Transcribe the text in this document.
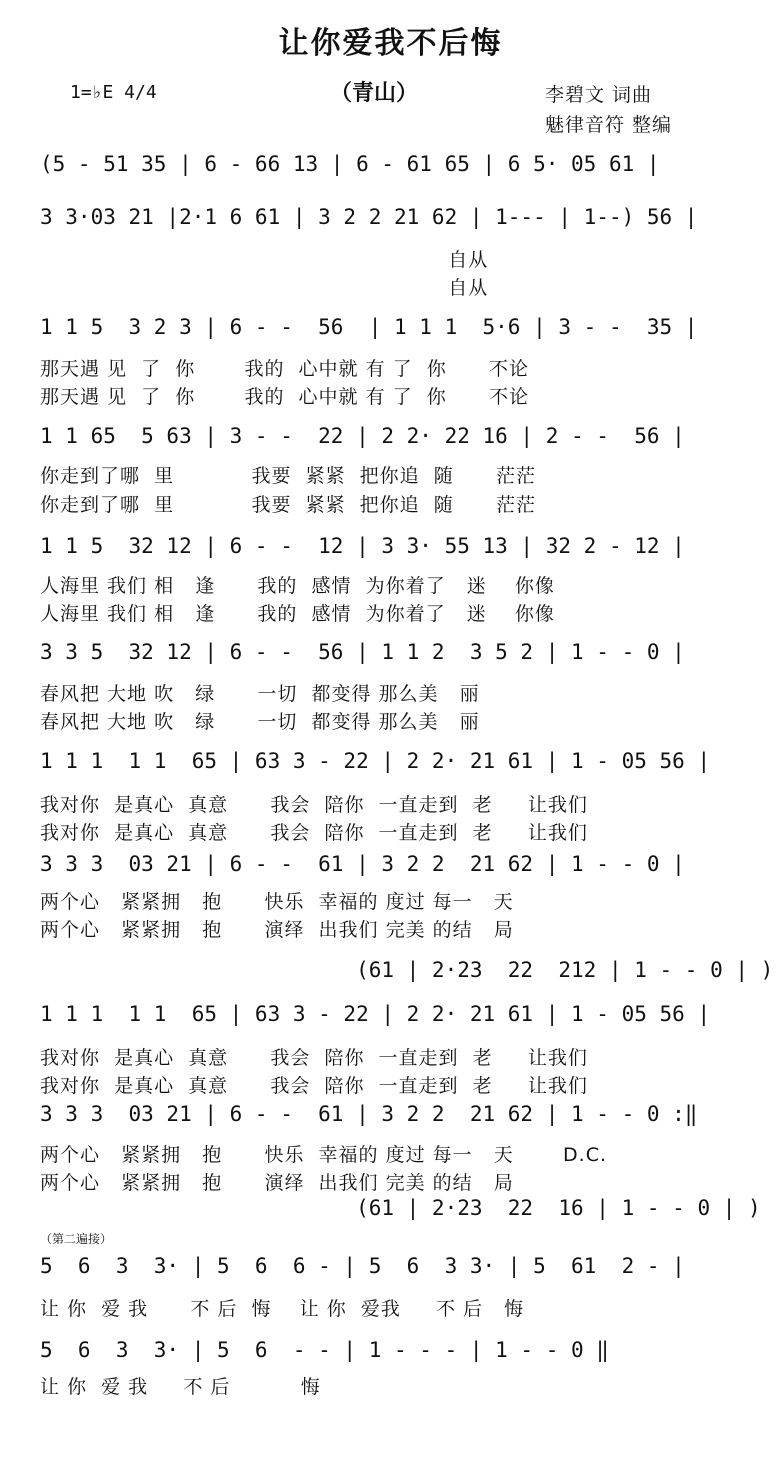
让你爱我不后悔
1=♭E 4/4	（青山）	李碧文 词曲
魅律音符 整编
(5 - 51 35 | 6 - 66 13 | 6 - 61 65 | 6 5· 05 61 |
3 3·03 21 |2·1 6 61 | 3 2 2 21 62 | 1--- | 1--) 56 |
自从
自从
1 1 5  3 2 3 | 6 - -  56  | 1 1 1  5·6 | 3 - -  35 |
那天遇 见  了  你       我的  心中就 有 了  你      不论
那天遇 见  了  你       我的  心中就 有 了  你      不论
1 1 65  5 63 | 3 - -  22 | 2 2· 22 16 | 2 - -  56 |
你走到了哪  里           我要  紧紧  把你追  随      茫茫
你走到了哪  里           我要  紧紧  把你追  随      茫茫
1 1 5  32 12 | 6 - -  12 | 3 3· 55 13 | 32 2 - 12 |
人海里 我们 相   逢      我的  感情  为你着了   迷    你像
人海里 我们 相   逢      我的  感情  为你着了   迷    你像
3 3 5  32 12 | 6 - -  56 | 1 1 2  3 5 2 | 1 - - 0 |
春风把 大地 吹   绿      一切  都变得 那么美   丽
春风把 大地 吹   绿      一切  都变得 那么美   丽
1 1 1  1 1  65 | 63 3 - 22 | 2 2· 21 61 | 1 - 05 56 |
我对你  是真心  真意      我会  陪你  一直走到  老     让我们
我对你  是真心  真意      我会  陪你  一直走到  老     让我们
3 3 3  03 21 | 6 - -  61 | 3 2 2  21 62 | 1 - - 0 |
两个心   紧紧拥   抱      快乐  幸福的 度过 每一   天
两个心   紧紧拥   抱      演绎  出我们 完美 的结   局
(61 | 2·23  22  212 | 1 - - 0 | )
1 1 1  1 1  65 | 63 3 - 22 | 2 2· 21 61 | 1 - 05 56 |
我对你  是真心  真意      我会  陪你  一直走到  老     让我们
我对你  是真心  真意      我会  陪你  一直走到  老     让我们
3 3 3  03 21 | 6 - -  61 | 3 2 2  21 62 | 1 - - 0 :‖
两个心   紧紧拥   抱      快乐  幸福的 度过 每一   天       D.C.
两个心   紧紧拥   抱      演绎  出我们 完美 的结   局
(61 | 2·23  22  16 | 1 - - 0 | )
（第二遍接）
5  6  3  3· | 5  6  6 - | 5  6  3 3· | 5  61  2 - |
让 你  爱 我      不 后  悔    让 你  爱我     不 后   悔
5  6  3  3· | 5  6  - - | 1 - - - | 1 - - 0 ‖
让 你  爱 我     不 后          悔
